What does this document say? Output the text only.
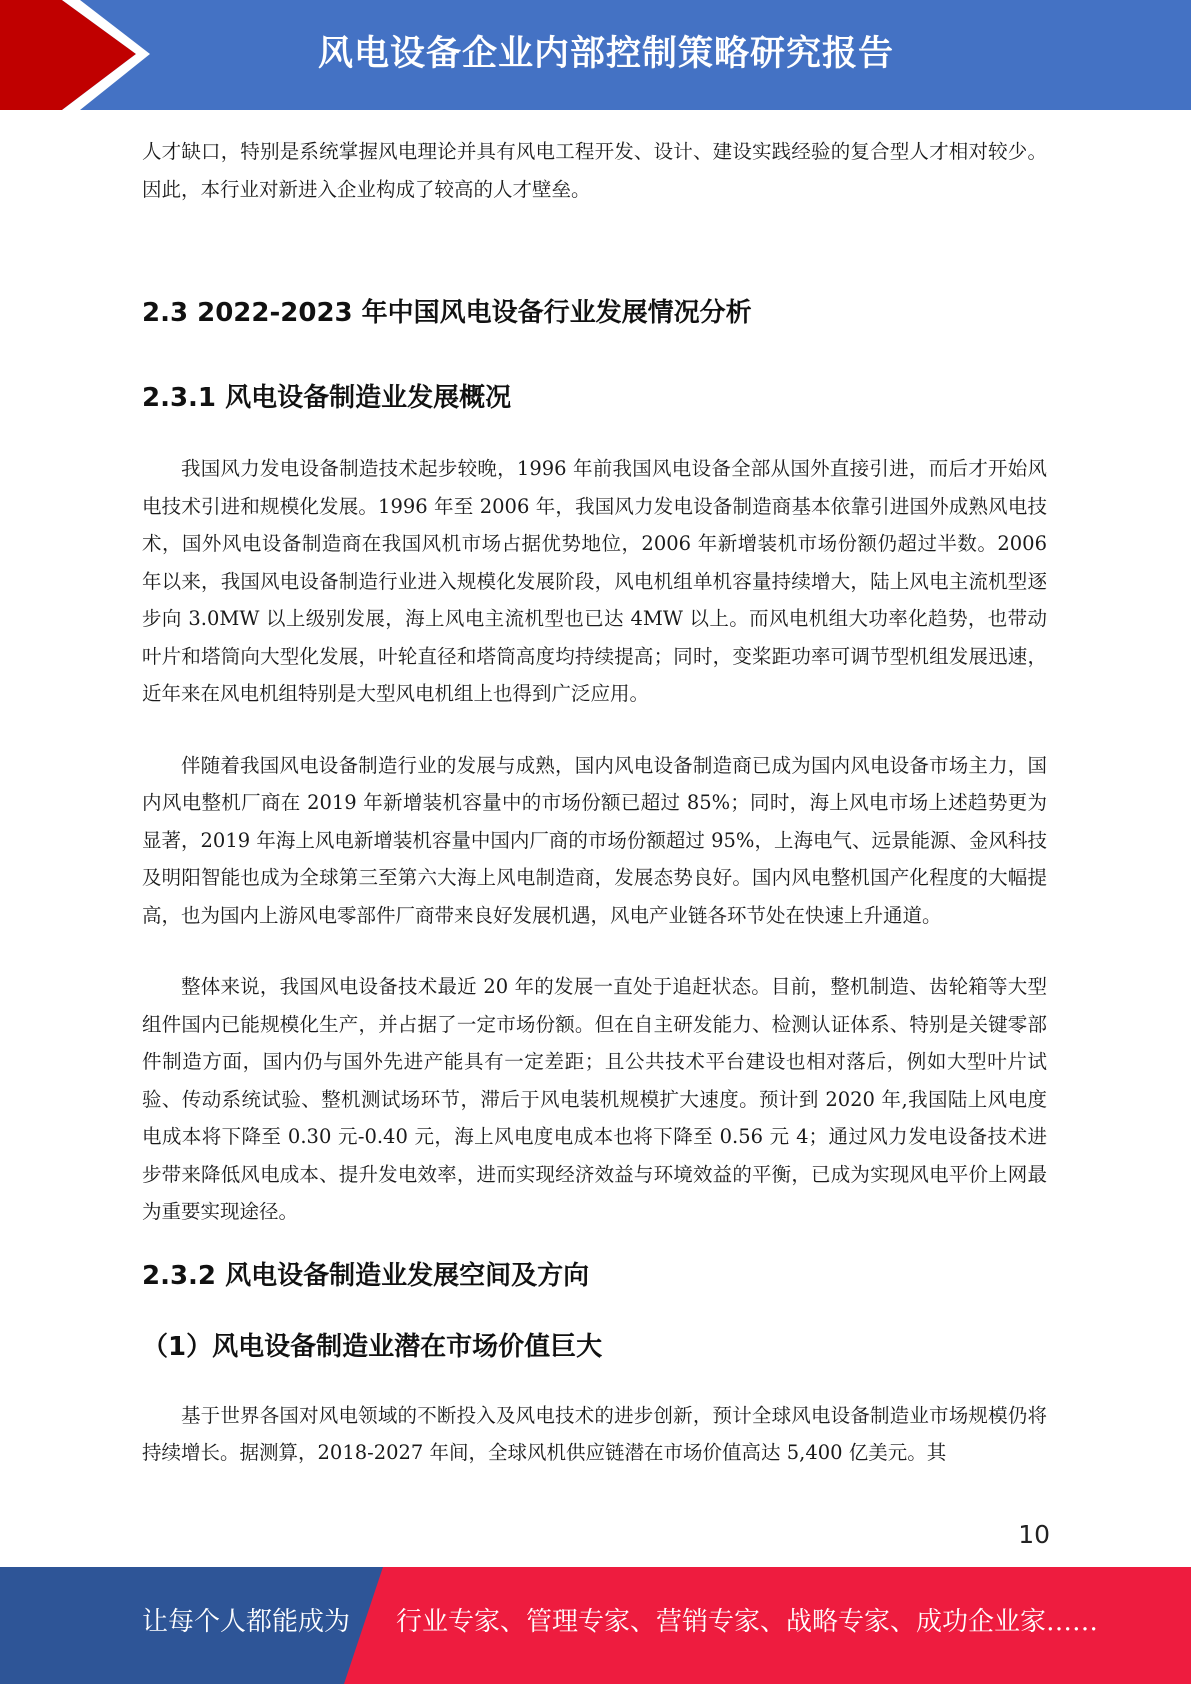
风电设备企业内部控制策略研究报告

人才缺口，特别是系统掌握风电理论并具有风电工程开发、设计、建设实践经验的复合型人才相对较少。因此，本行业对新进入企业构成了较高的人才壁垒。

2.3 2022-2023 年中国风电设备行业发展情况分析
2.3.1 风电设备制造业发展概况

我国风力发电设备制造技术起步较晚，1996 年前我国风电设备全部从国外直接引进，而后才开始风电技术引进和规模化发展。1996 年至 2006 年，我国风力发电设备制造商基本依靠引进国外成熟风电技术，国外风电设备制造商在我国风机市场占据优势地位，2006 年新增装机市场份额仍超过半数。2006 年以来，我国风电设备制造行业进入规模化发展阶段，风电机组单机容量持续增大，陆上风电主流机型逐步向 3.0MW 以上级别发展，海上风电主流机型也已达 4MW 以上。而风电机组大功率化趋势，也带动叶片和塔筒向大型化发展，叶轮直径和塔筒高度均持续提高；同时，变桨距功率可调节型机组发展迅速，近年来在风电机组特别是大型风电机组上也得到广泛应用。

伴随着我国风电设备制造行业的发展与成熟，国内风电设备制造商已成为国内风电设备市场主力，国内风电整机厂商在 2019 年新增装机容量中的市场份额已超过 85%；同时，海上风电市场上述趋势更为显著，2019 年海上风电新增装机容量中国内厂商的市场份额超过 95%，上海电气、远景能源、金风科技及明阳智能也成为全球第三至第六大海上风电制造商，发展态势良好。国内风电整机国产化程度的大幅提高，也为国内上游风电零部件厂商带来良好发展机遇，风电产业链各环节处在快速上升通道。

整体来说，我国风电设备技术最近 20 年的发展一直处于追赶状态。目前，整机制造、齿轮箱等大型组件国内已能规模化生产，并占据了一定市场份额。但在自主研发能力、检测认证体系、特别是关键零部件制造方面，国内仍与国外先进产能具有一定差距；且公共技术平台建设也相对落后，例如大型叶片试验、传动系统试验、整机测试场环节，滞后于风电装机规模扩大速度。预计到 2020 年,我国陆上风电度电成本将下降至 0.30 元-0.40 元，海上风电度电成本也将下降至 0.56 元 4；通过风力发电设备技术进步带来降低风电成本、提升发电效率，进而实现经济效益与环境效益的平衡，已成为实现风电平价上网最为重要实现途径。

2.3.2 风电设备制造业发展空间及方向
（1）风电设备制造业潜在市场价值巨大

基于世界各国对风电领域的不断投入及风电技术的进步创新，预计全球风电设备制造业市场规模仍将持续增长。据测算，2018-2027 年间，全球风机供应链潜在市场价值高达 5,400 亿美元。其

10
让每个人都能成为 行业专家、管理专家、营销专家、战略专家、成功企业家……
